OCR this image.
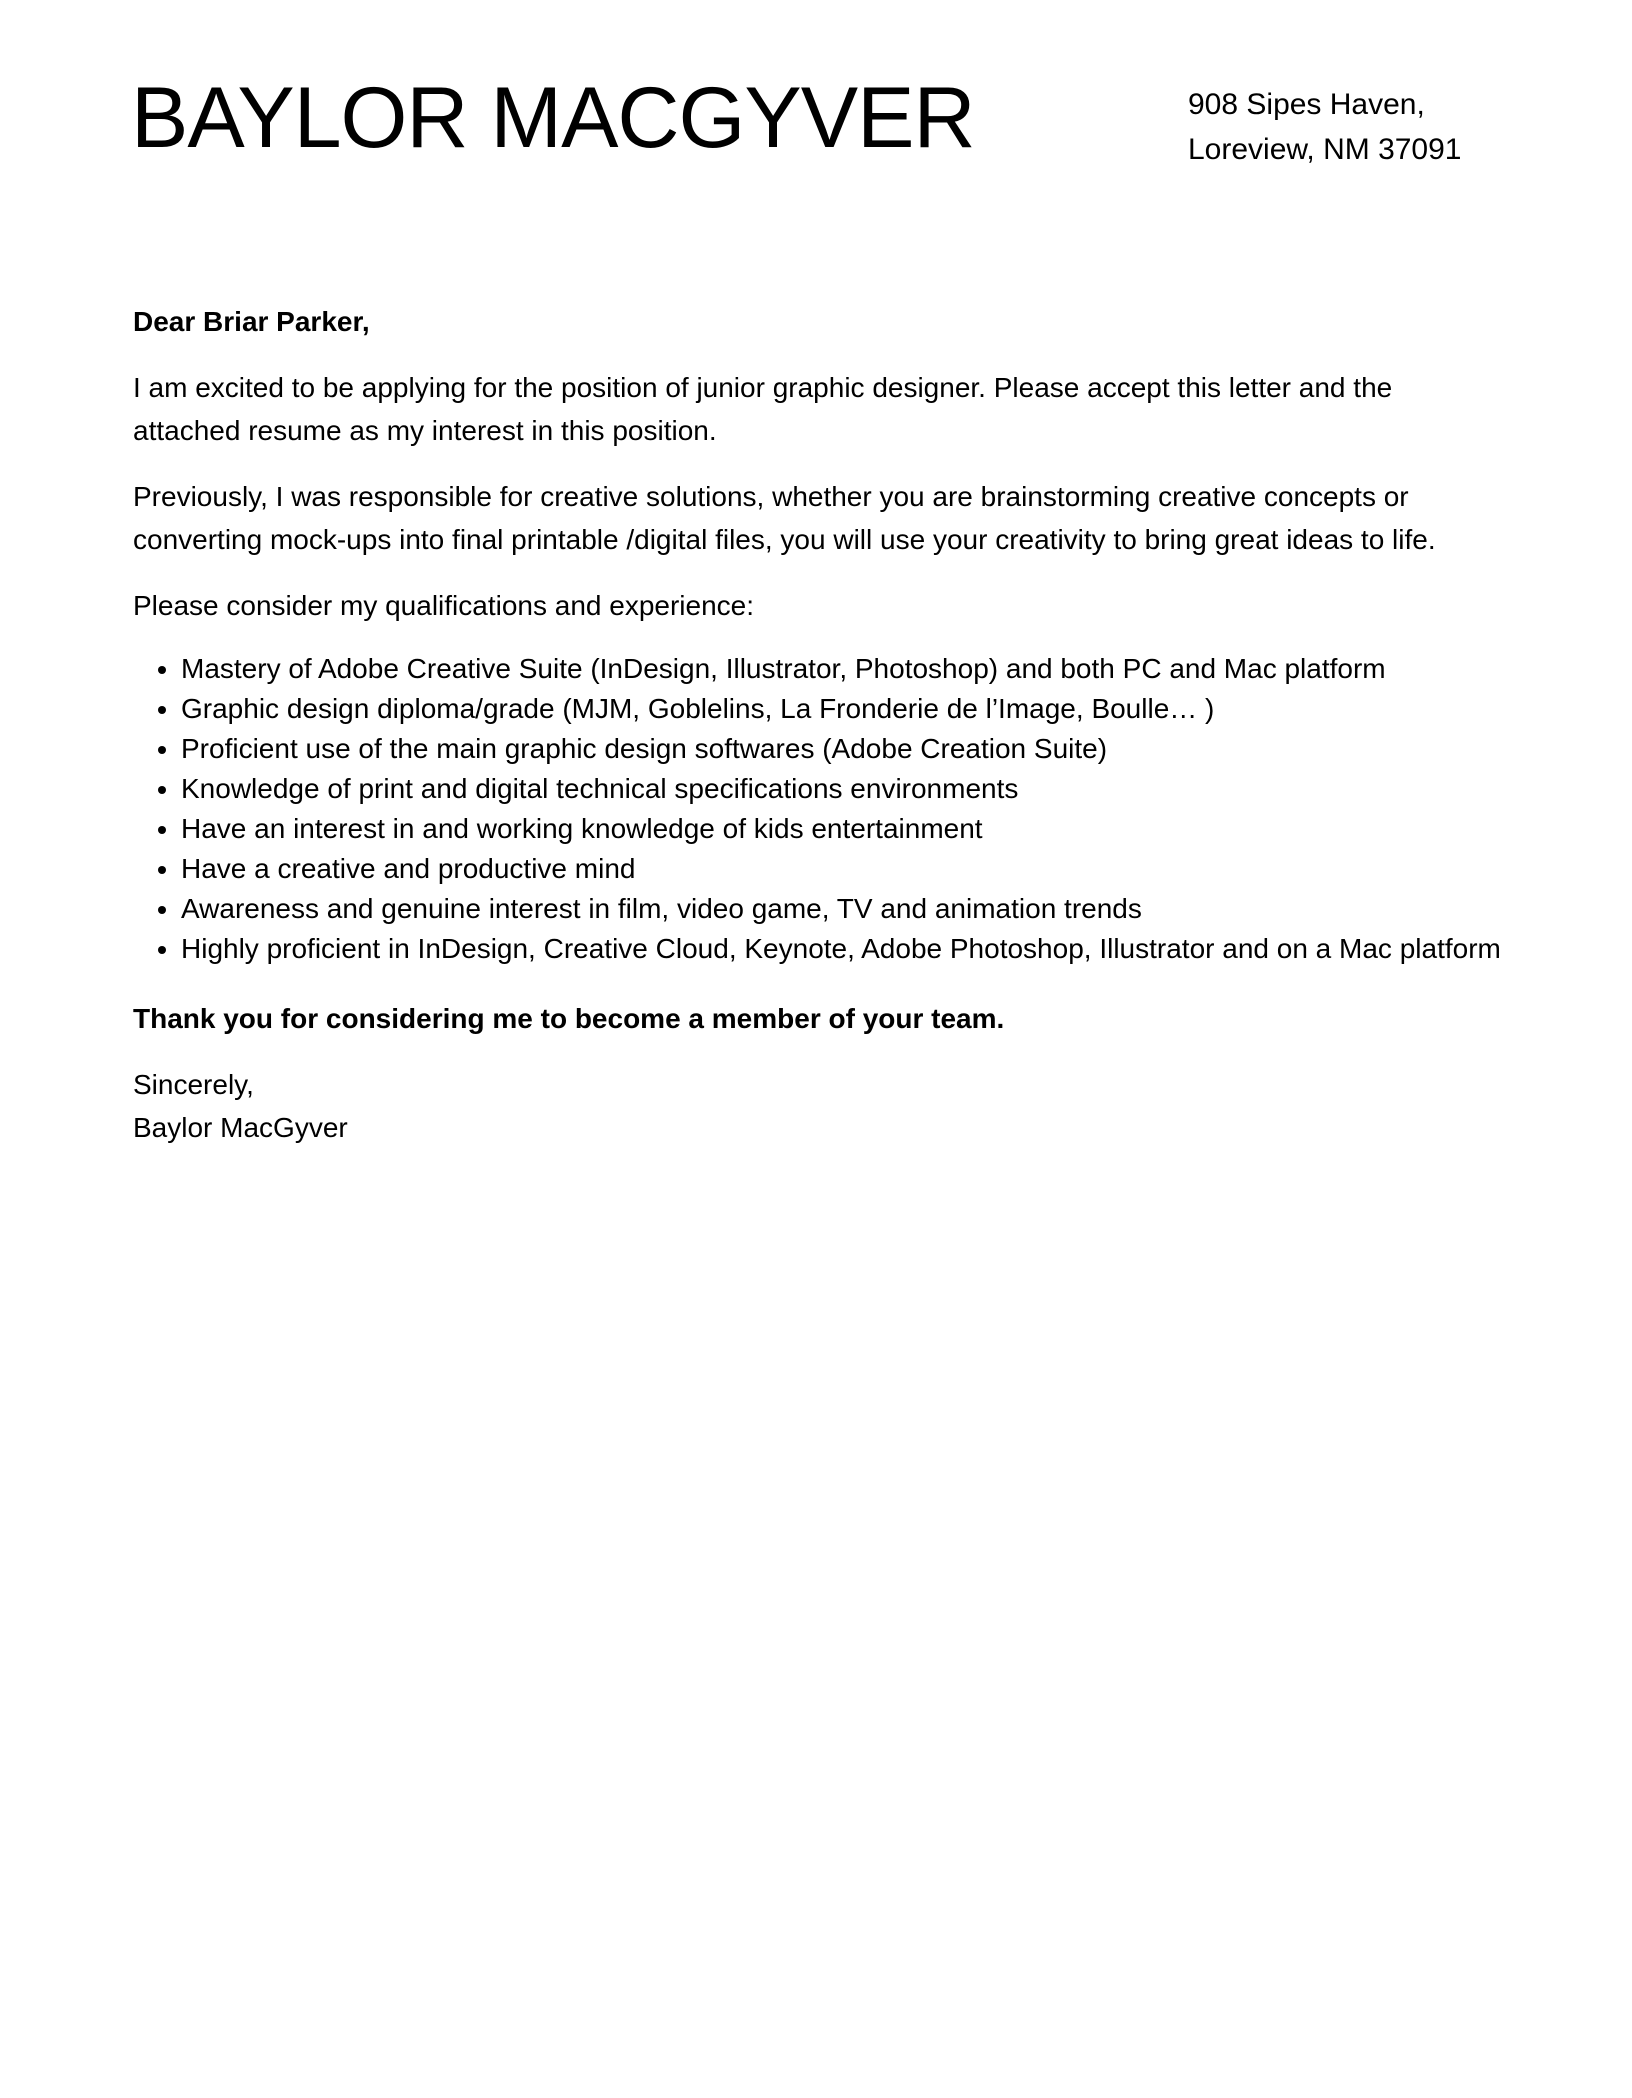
BAYLOR MACGYVER	908 Sipes Haven,
Loreview, NM 37091

Dear Briar Parker,

I am excited to be applying for the position of junior graphic designer. Please accept this letter and the attached resume as my interest in this position.

Previously, I was responsible for creative solutions, whether you are brainstorming creative concepts or converting mock-ups into final printable /digital files, you will use your creativity to bring great ideas to life.

Please consider my qualifications and experience:

• Mastery of Adobe Creative Suite (InDesign, Illustrator, Photoshop) and both PC and Mac platform
• Graphic design diploma/grade (MJM, Goblelins, La Fronderie de l’Image, Boulle… )
• Proficient use of the main graphic design softwares (Adobe Creation Suite)
• Knowledge of print and digital technical specifications environments
• Have an interest in and working knowledge of kids entertainment
• Have a creative and productive mind
• Awareness and genuine interest in film, video game, TV and animation trends
• Highly proficient in InDesign, Creative Cloud, Keynote, Adobe Photoshop, Illustrator and on a Mac platform

Thank you for considering me to become a member of your team.

Sincerely,

Baylor MacGyver
